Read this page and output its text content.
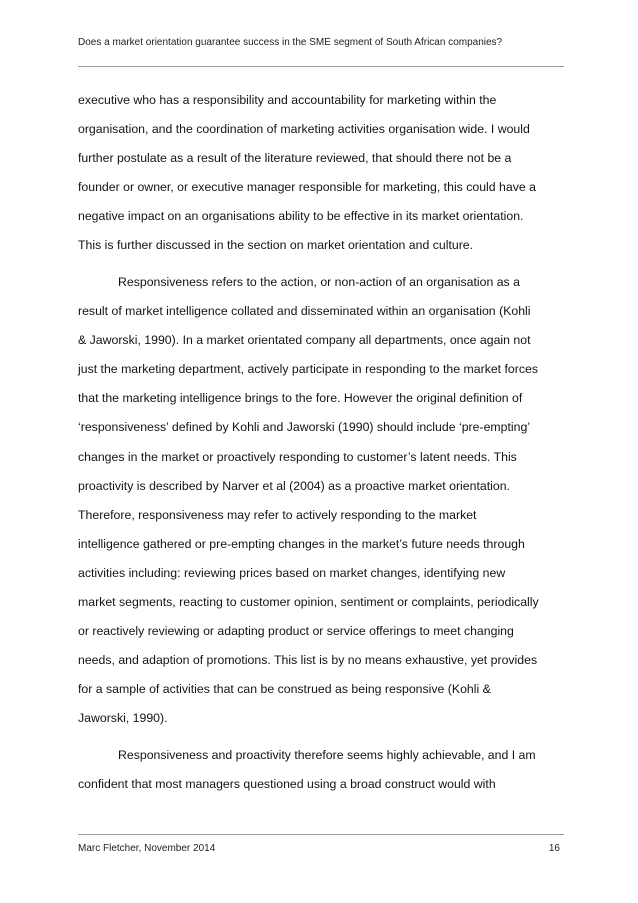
Does a market orientation guarantee success in the SME segment of South African companies?
executive who has a responsibility and accountability for marketing within the
organisation, and the coordination of marketing activities organisation wide. I would
further postulate as a result of the literature reviewed, that should there not be a
founder or owner, or executive manager responsible for marketing, this could have a
negative impact on an organisations ability to be effective in its market orientation.
This is further discussed in the section on market orientation and culture.
Responsiveness refers to the action, or non-action of an organisation as a
result of market intelligence collated and disseminated within an organisation (Kohli
& Jaworski, 1990). In a market orientated company all departments, once again not
just the marketing department, actively participate in responding to the market forces
that the marketing intelligence brings to the fore. However the original definition of
‘responsiveness’ defined by Kohli and Jaworski (1990) should include ‘pre-empting’
changes in the market or proactively responding to customer’s latent needs. This
proactivity is described by Narver et al (2004) as a proactive market orientation.
Therefore, responsiveness may refer to actively responding to the market
intelligence gathered or pre-empting changes in the market’s future needs through
activities including: reviewing prices based on market changes, identifying new
market segments, reacting to customer opinion, sentiment or complaints, periodically
or reactively reviewing or adapting product or service offerings to meet changing
needs, and adaption of promotions. This list is by no means exhaustive, yet provides
for a sample of activities that can be construed as being responsive (Kohli &
Jaworski, 1990).
Responsiveness and proactivity therefore seems highly achievable, and I am
confident that most managers questioned using a broad construct would with
Marc Fletcher, November 2014	16
